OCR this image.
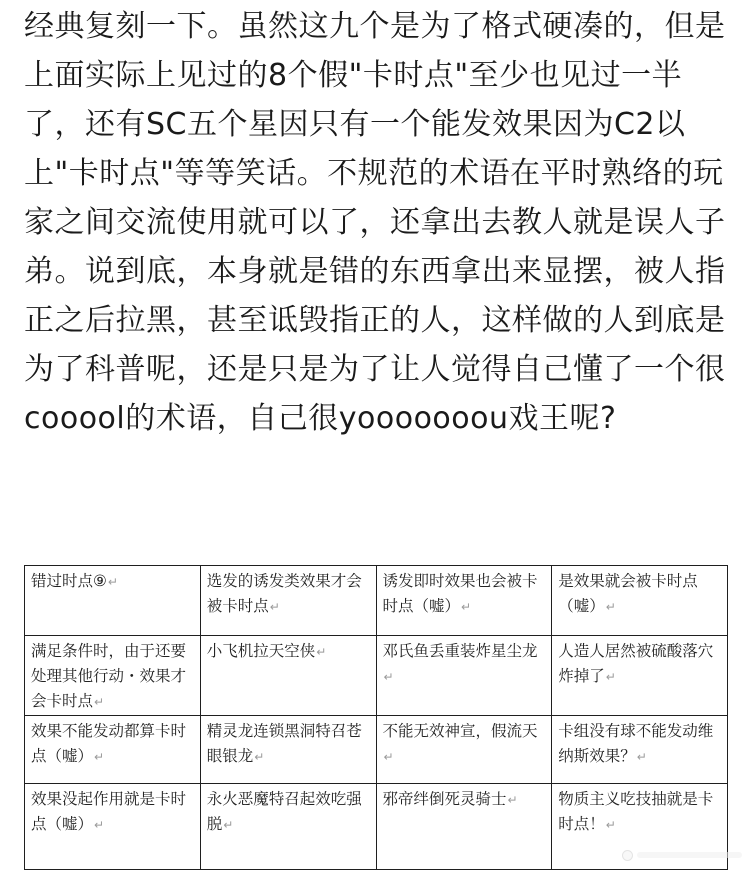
经典复刻一下。虽然这九个是为了格式硬凑的，但是上面实际上见过的8个假"卡时点"至少也见过一半了，还有SC五个星因只有一个能发效果因为C2以上"卡时点"等等笑话。不规范的术语在平时熟络的玩家之间交流使用就可以了，还拿出去教人就是误人子弟。说到底，本身就是错的东西拿出来显摆，被人指正之后拉黑，甚至诋毁指正的人，这样做的人到底是为了科普呢，还是只是为了让人觉得自己懂了一个很cooool的术语，自己很yooooooou戏王呢?
错过时点⑨↵	选发的诱发类效果才会被卡时点↵	诱发即时效果也会被卡时点（嘘）↵	是效果就会被卡时点（嘘）↵
满足条件时，由于还要处理其他行动・效果才会卡时点↵	小飞机拉天空侠↵	邓氏鱼丢重装炸星尘龙↵	人造人居然被硫酸落穴炸掉了↵
效果不能发动都算卡时点（嘘）↵	精灵龙连锁黑洞特召苍眼银龙↵	不能无效神宣，假流天↵	卡组没有球不能发动维纳斯效果？↵
效果没起作用就是卡时点（嘘）↵	永火恶魔特召起效吃强脱↵	邪帝绊倒死灵骑士↵	物质主义吃技抽就是卡时点！↵
